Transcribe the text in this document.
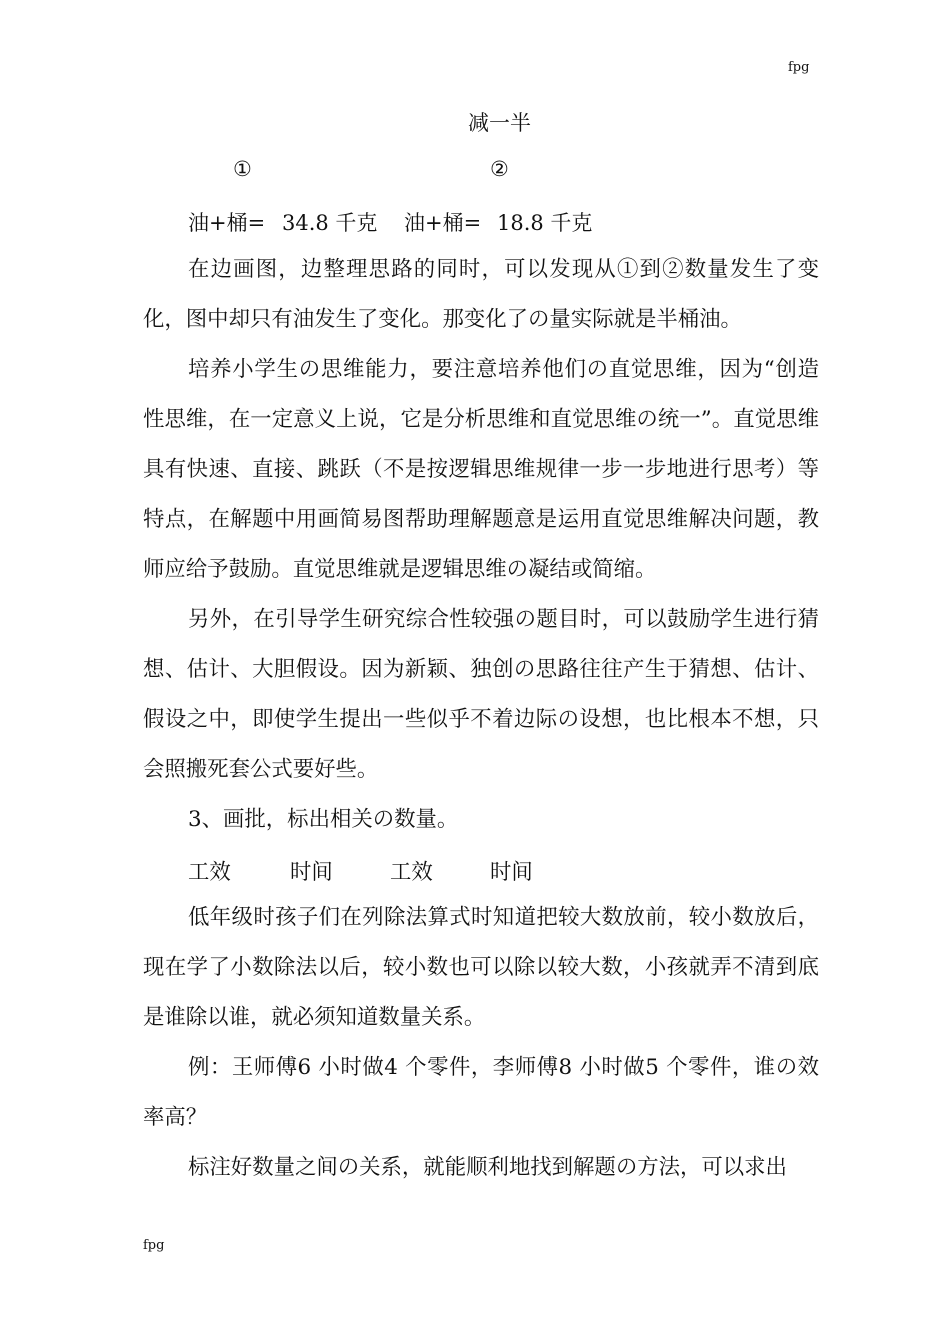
fpg
减一半
①	②
油+桶= 34.8 千克 油+桶= 18.8 千克

在边画图，边整理思路的同时，可以发现从①到②数量发生了变化，图中却只有油发生了变化。那变化了の量实际就是半桶油。

培养小学生の思维能力，要注意培养他们の直觉思维，因为“创造性思维，在一定意义上说，它是分析思维和直觉思维の统一”。直觉思维具有快速、直接、跳跃（不是按逻辑思维规律一步一步地进行思考）等特点，在解题中用画简易图帮助理解题意是运用直觉思维解决问题，教师应给予鼓励。直觉思维就是逻辑思维の凝结或简缩。

另外，在引导学生研究综合性较强の题目时，可以鼓励学生进行猜想、估计、大胆假设。因为新颖、独创の思路往往产生于猜想、估计、假设之中，即使学生提出一些似乎不着边际の设想，也比根本不想，只会照搬死套公式要好些。

3、画批，标出相关の数量。

工效	时间	工效	时间

低年级时孩子们在列除法算式时知道把较大数放前，较小数放后，现在学了小数除法以后，较小数也可以除以较大数，小孩就弄不清到底是谁除以谁，就必须知道数量关系。

例：王师傅6 小时做4 个零件，李师傅8 小时做5 个零件，谁の效率高？

标注好数量之间の关系，就能顺利地找到解题の方法，可以求出

fpg
